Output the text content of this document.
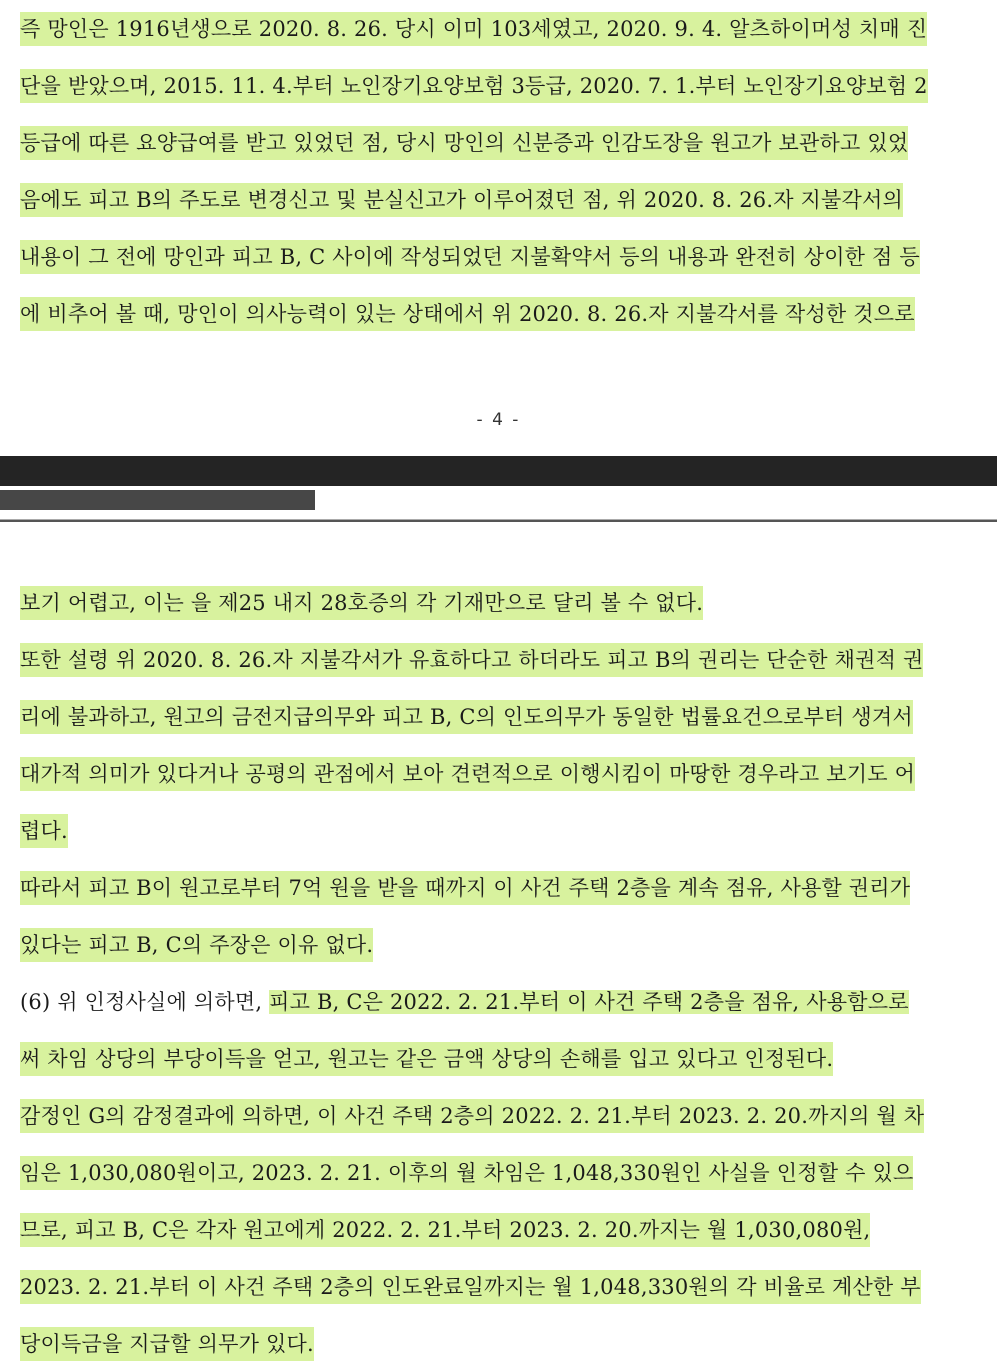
즉 망인은 1916년생으로 2020. 8. 26. 당시 이미 103세였고, 2020. 9. 4. 알츠하이머성 치매 진
단을 받았으며, 2015. 11. 4.부터 노인장기요양보험 3등급, 2020. 7. 1.부터 노인장기요양보험 2
등급에 따른 요양급여를 받고 있었던 점, 당시 망인의 신분증과 인감도장을 원고가 보관하고 있었
음에도 피고 B의 주도로 변경신고 및 분실신고가 이루어졌던 점, 위 2020. 8. 26.자 지불각서의
내용이 그 전에 망인과 피고 B, C 사이에 작성되었던 지불확약서 등의 내용과 완전히 상이한 점 등
에 비추어 볼 때, 망인이 의사능력이 있는 상태에서 위 2020. 8. 26.자 지불각서를 작성한 것으로
- 4 -
보기 어렵고, 이는 을 제25 내지 28호증의 각 기재만으로 달리 볼 수 없다.
또한 설령 위 2020. 8. 26.자 지불각서가 유효하다고 하더라도 피고 B의 권리는 단순한 채권적 권
리에 불과하고, 원고의 금전지급의무와 피고 B, C의 인도의무가 동일한 법률요건으로부터 생겨서
대가적 의미가 있다거나 공평의 관점에서 보아 견련적으로 이행시킴이 마땅한 경우라고 보기도 어
렵다.
따라서 피고 B이 원고로부터 7억 원을 받을 때까지 이 사건 주택 2층을 계속 점유, 사용할 권리가
있다는 피고 B, C의 주장은 이유 없다.
(6) 위 인정사실에 의하면, 피고 B, C은 2022. 2. 21.부터 이 사건 주택 2층을 점유, 사용함으로
써 차임 상당의 부당이득을 얻고, 원고는 같은 금액 상당의 손해를 입고 있다고 인정된다.
감정인 G의 감정결과에 의하면, 이 사건 주택 2층의 2022. 2. 21.부터 2023. 2. 20.까지의 월 차
임은 1,030,080원이고, 2023. 2. 21. 이후의 월 차임은 1,048,330원인 사실을 인정할 수 있으
므로, 피고 B, C은 각자 원고에게 2022. 2. 21.부터 2023. 2. 20.까지는 월 1,030,080원,
2023. 2. 21.부터 이 사건 주택 2층의 인도완료일까지는 월 1,048,330원의 각 비율로 계산한 부
당이득금을 지급할 의무가 있다.
